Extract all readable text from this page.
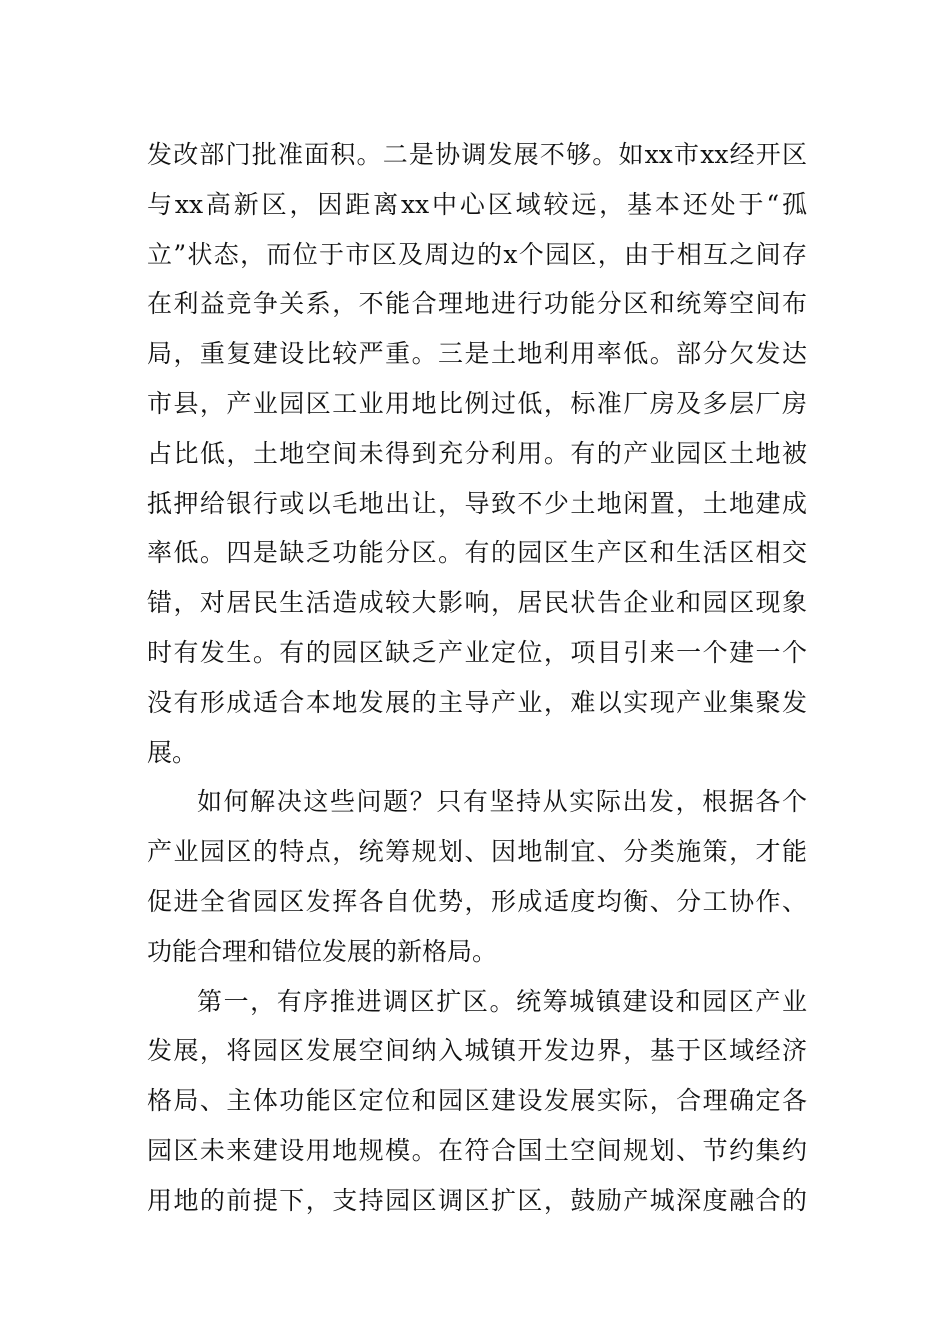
发改部门批准面积。二是协调发展不够。如xx市xx经开区
与xx高新区，因距离xx中心区域较远，基本还处于“孤
立”状态，而位于市区及周边的x个园区，由于相互之间存
在利益竞争关系，不能合理地进行功能分区和统筹空间布
局，重复建设比较严重。三是土地利用率低。部分欠发达
市县，产业园区工业用地比例过低，标准厂房及多层厂房
占比低，土地空间未得到充分利用。有的产业园区土地被
抵押给银行或以毛地出让，导致不少土地闲置，土地建成
率低。四是缺乏功能分区。有的园区生产区和生活区相交
错，对居民生活造成较大影响，居民状告企业和园区现象
时有发生。有的园区缺乏产业定位，项目引来一个建一个
没有形成适合本地发展的主导产业，难以实现产业集聚发
展。
如何解决这些问题？只有坚持从实际出发，根据各个
产业园区的特点，统筹规划、因地制宜、分类施策，才能
促进全省园区发挥各自优势，形成适度均衡、分工协作、
功能合理和错位发展的新格局。
第一，有序推进调区扩区。统筹城镇建设和园区产业
发展，将园区发展空间纳入城镇开发边界，基于区域经济
格局、主体功能区定位和园区建设发展实际，合理确定各
园区未来建设用地规模。在符合国土空间规划、节约集约
用地的前提下，支持园区调区扩区，鼓励产城深度融合的
